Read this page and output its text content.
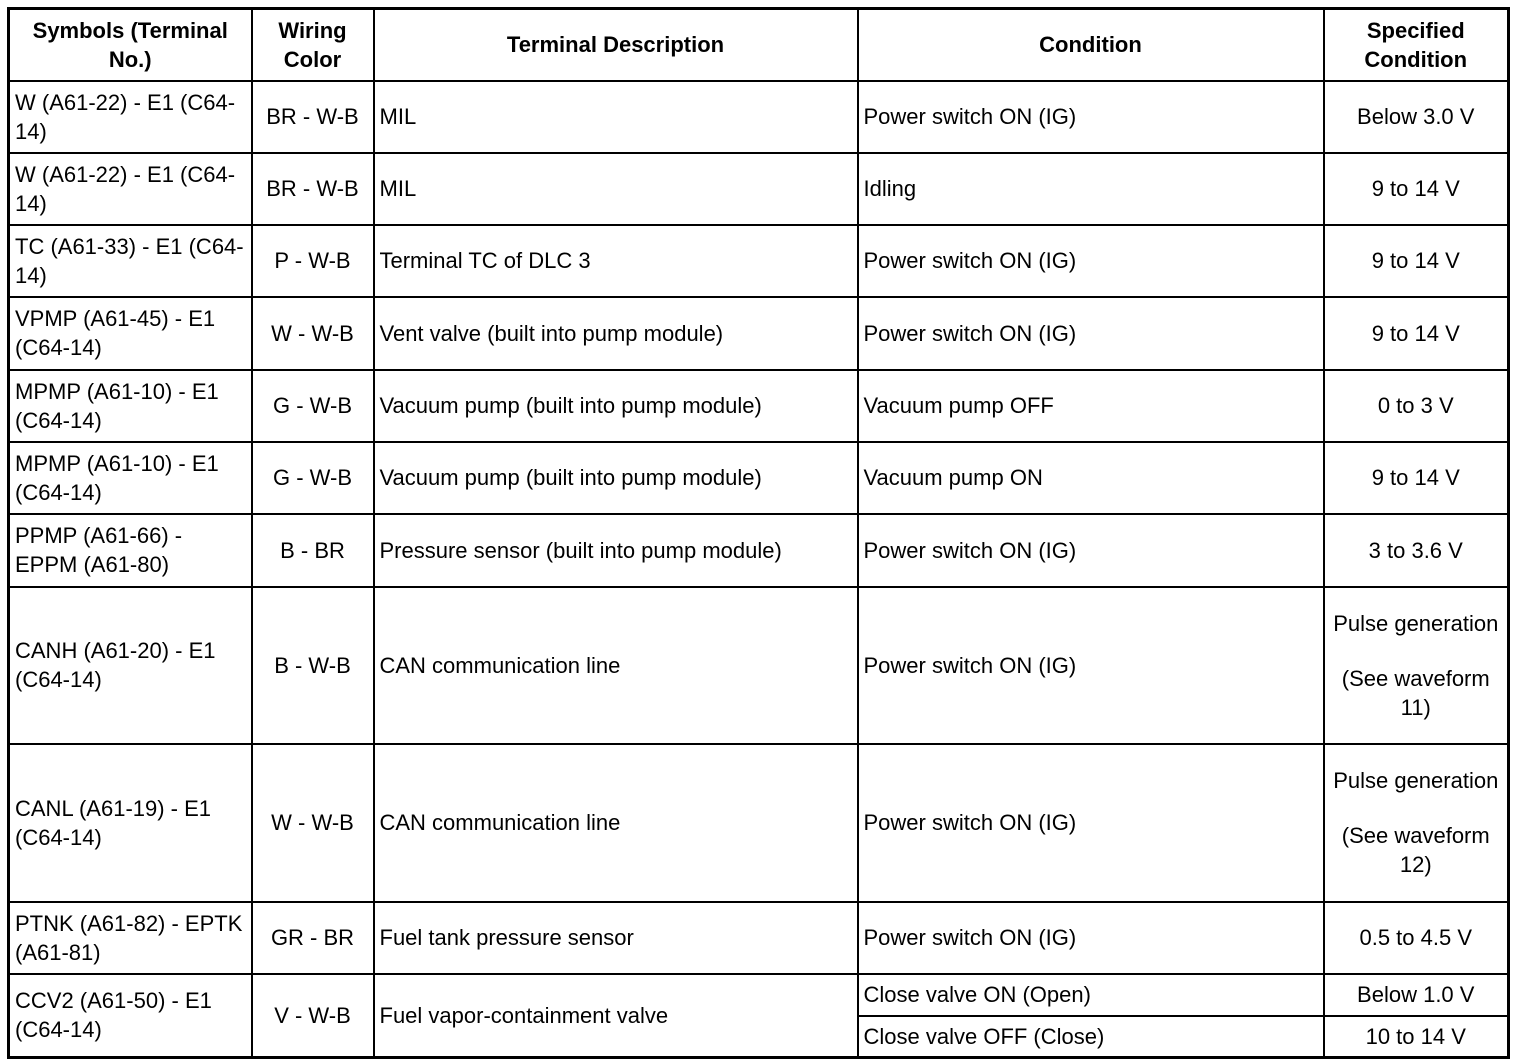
Symbols (Terminal No.)	Wiring Color	Terminal Description	Condition	Specified Condition
W (A61-22) - E1 (C64-14)	BR - W-B	MIL	Power switch ON (IG)	Below 3.0 V
W (A61-22) - E1 (C64-14)	BR - W-B	MIL	Idling	9 to 14 V
TC (A61-33) - E1 (C64-14)	P - W-B	Terminal TC of DLC 3	Power switch ON (IG)	9 to 14 V
VPMP (A61-45) - E1 (C64-14)	W - W-B	Vent valve (built into pump module)	Power switch ON (IG)	9 to 14 V
MPMP (A61-10) - E1 (C64-14)	G - W-B	Vacuum pump (built into pump module)	Vacuum pump OFF	0 to 3 V
MPMP (A61-10) - E1 (C64-14)	G - W-B	Vacuum pump (built into pump module)	Vacuum pump ON	9 to 14 V
PPMP (A61-66) - EPPM (A61-80)	B - BR	Pressure sensor (built into pump module)	Power switch ON (IG)	3 to 3.6 V
CANH (A61-20) - E1 (C64-14)	B - W-B	CAN communication line	Power switch ON (IG)	Pulse generation
(See waveform 11)

CANL (A61-19) - E1 (C64-14)	W - W-B	CAN communication line	Power switch ON (IG)	Pulse generation
(See waveform 12)

PTNK (A61-82) - EPTK (A61-81)	GR - BR	Fuel tank pressure sensor	Power switch ON (IG)	0.5 to 4.5 V
CCV2 (A61-50) - E1 (C64-14)	V - W-B	Fuel vapor-containment valve	Close valve ON (Open)	Below 1.0 V
			Close valve OFF (Close)	10 to 14 V
